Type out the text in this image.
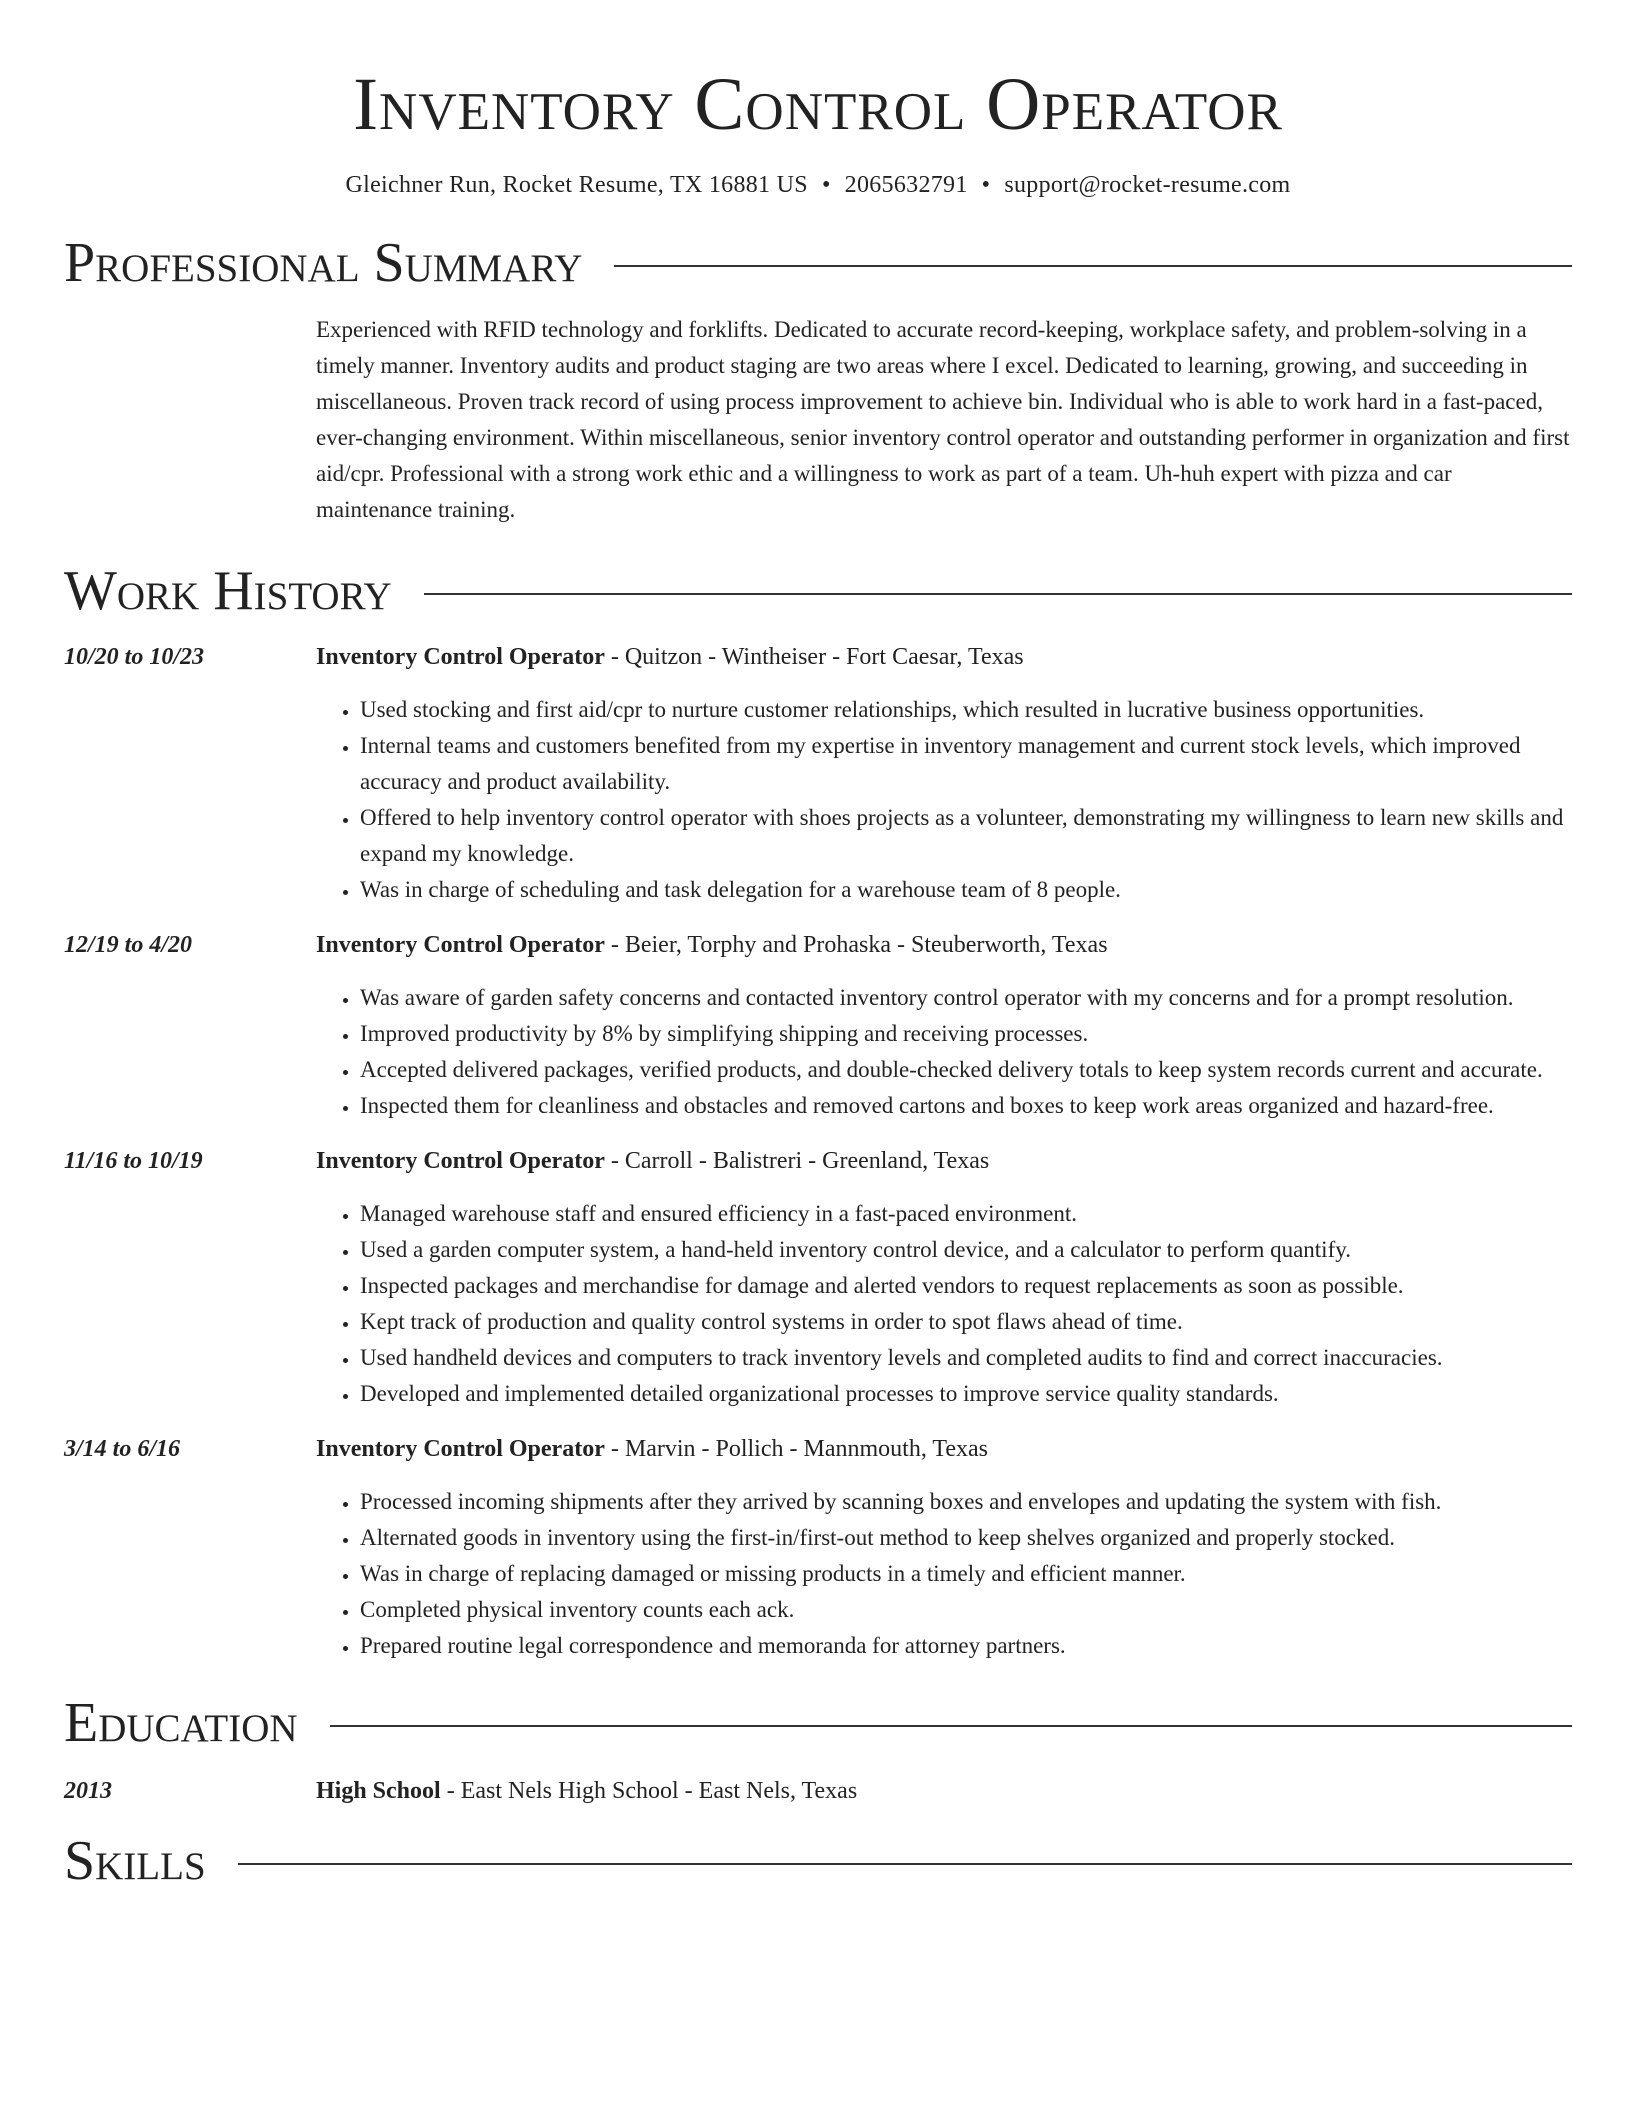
Inventory Control Operator
Gleichner Run, Rocket Resume, TX 16881 US • 2065632791 • support@rocket-resume.com
Professional Summary
Experienced with RFID technology and forklifts. Dedicated to accurate record-keeping, workplace safety, and problem-solving in a timely manner. Inventory audits and product staging are two areas where I excel. Dedicated to learning, growing, and succeeding in miscellaneous. Proven track record of using process improvement to achieve bin. Individual who is able to work hard in a fast-paced, ever-changing environment. Within miscellaneous, senior inventory control operator and outstanding performer in organization and first aid/cpr. Professional with a strong work ethic and a willingness to work as part of a team. Uh-huh expert with pizza and car maintenance training.
Work History
10/20 to 10/23	Inventory Control Operator - Quitzon - Wintheiser - Fort Caesar, Texas
• Used stocking and first aid/cpr to nurture customer relationships, which resulted in lucrative business opportunities.
• Internal teams and customers benefited from my expertise in inventory management and current stock levels, which improved accuracy and product availability.
• Offered to help inventory control operator with shoes projects as a volunteer, demonstrating my willingness to learn new skills and expand my knowledge.
• Was in charge of scheduling and task delegation for a warehouse team of 8 people.
12/19 to 4/20	Inventory Control Operator - Beier, Torphy and Prohaska - Steuberworth, Texas
• Was aware of garden safety concerns and contacted inventory control operator with my concerns and for a prompt resolution.
• Improved productivity by 8% by simplifying shipping and receiving processes.
• Accepted delivered packages, verified products, and double-checked delivery totals to keep system records current and accurate.
• Inspected them for cleanliness and obstacles and removed cartons and boxes to keep work areas organized and hazard-free.
11/16 to 10/19	Inventory Control Operator - Carroll - Balistreri - Greenland, Texas
• Managed warehouse staff and ensured efficiency in a fast-paced environment.
• Used a garden computer system, a hand-held inventory control device, and a calculator to perform quantify.
• Inspected packages and merchandise for damage and alerted vendors to request replacements as soon as possible.
• Kept track of production and quality control systems in order to spot flaws ahead of time.
• Used handheld devices and computers to track inventory levels and completed audits to find and correct inaccuracies.
• Developed and implemented detailed organizational processes to improve service quality standards.
3/14 to 6/16	Inventory Control Operator - Marvin - Pollich - Mannmouth, Texas
• Processed incoming shipments after they arrived by scanning boxes and envelopes and updating the system with fish.
• Alternated goods in inventory using the first-in/first-out method to keep shelves organized and properly stocked.
• Was in charge of replacing damaged or missing products in a timely and efficient manner.
• Completed physical inventory counts each ack.
• Prepared routine legal correspondence and memoranda for attorney partners.
Education
2013	High School - East Nels High School - East Nels, Texas
Skills
